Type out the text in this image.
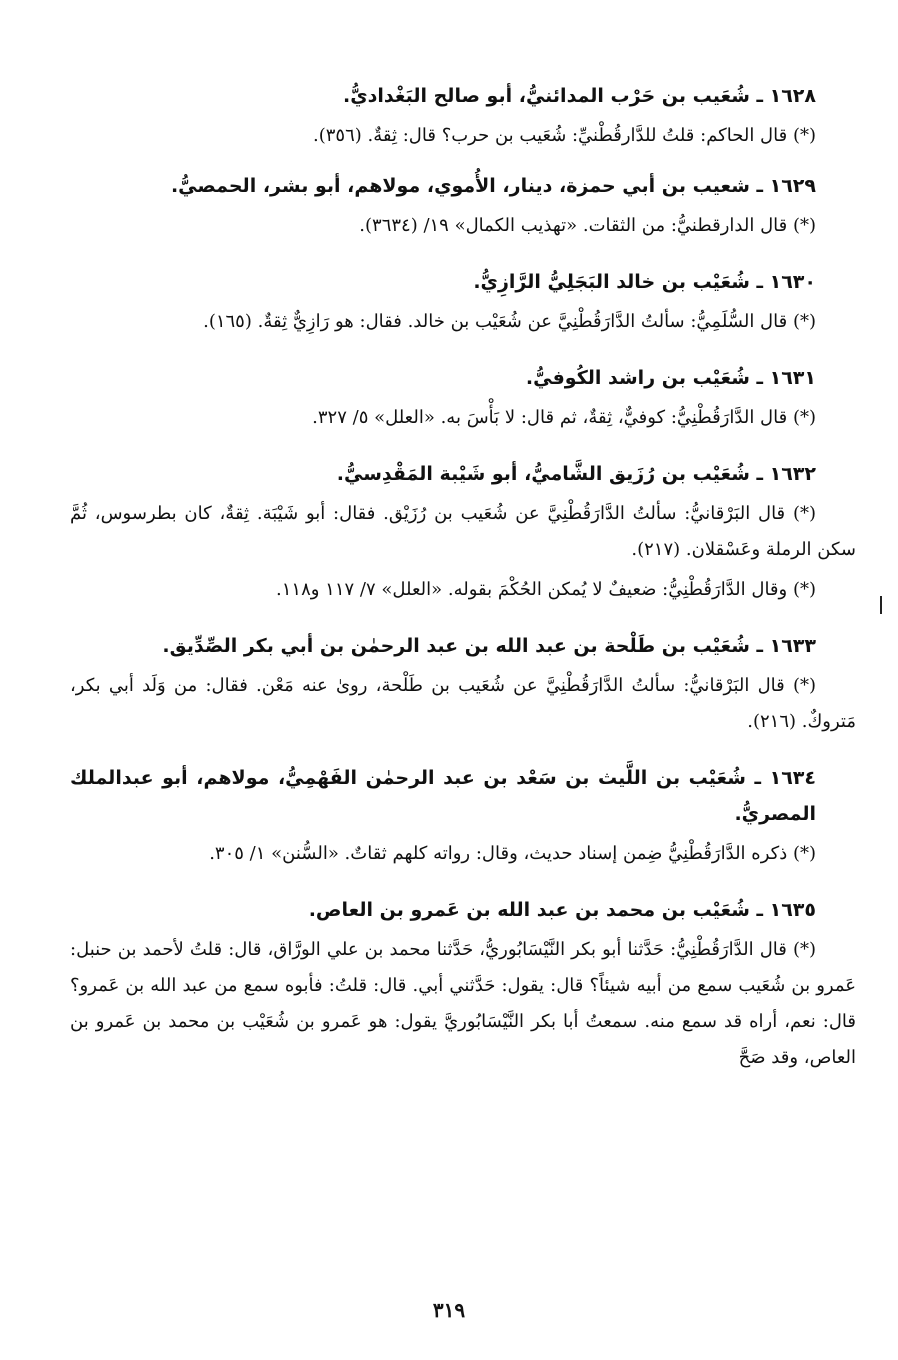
١٦٢٨ ـ شُعَيب بن حَرْب المدائنيُّ، أبو صالح البَغْداديُّ.

(*) قال الحاكم: قلتُ للدَّارقُطْنيِّ: شُعَيب بن حرب؟ قال: ثِقةٌ. (٣٥٦).

١٦٢٩ ـ شعيب بن أبي حمزة، دينار، الأُموي، مولاهم، أبو بشر، الحمصيُّ.

(*) قال الدارقطنيُّ: من الثقات. «تهذيب الكمال» ١٩/ (٣٦٣٤).

١٦٣٠ ـ شُعَيْب بن خالد البَجَلِيُّ الرَّازِيُّ.

(*) قال السُّلَمِيُّ: سألتُ الدَّارَقُطْنِيَّ عن شُعَيْب بن خالد. فقال: هو رَازِيٌّ ثِقةٌ. (١٦٥).

١٦٣١ ـ شُعَيْب بن راشد الكُوفيُّ.

(*) قال الدَّارَقُطْنِيُّ: كوفيٌّ، ثِقةٌ، ثم قال: لا بَأْسَ به. «العلل» ٥/ ٣٢٧.

١٦٣٢ ـ شُعَيْب بن رُزَيق الشَّاميُّ، أبو شَيْبة المَقْدِسيُّ.

(*) قال البَرْقانيُّ: سألتُ الدَّارَقُطْنِيَّ عن شُعَيب بن رُزَيْق. فقال: أبو شَيْبَة. ثِقةٌ، كان بطرسوس، ثُمَّ سكن الرملة وعَسْقلان. (٢١٧).

(*) وقال الدَّارَقُطْنِيُّ: ضعيفٌ لا يُمكن الحُكْمَ بقوله. «العلل» ٧/ ١١٧ و١١٨.

١٦٣٣ ـ شُعَيْب بن طَلْحة بن عبد الله بن عبد الرحمٰن بن أبي بكر الصِّدِّيق.

(*) قال البَرْقانيُّ: سألتُ الدَّارَقُطْنِيَّ عن شُعَيب بن طَلْحة، روىٰ عنه مَعْن. فقال: من وَلَد أبي بكر، مَتروكٌ. (٢١٦).

١٦٣٤ ـ شُعَيْب بن اللَّيث بن سَعْد بن عبد الرحمٰن الفَهْمِيُّ، مولاهم، أبو عبدالملك المصريُّ.

(*) ذكره الدَّارَقُطْنِيُّ ضِمن إسناد حديث، وقال: رواته كلهم ثقاتٌ. «السُّنن» ١/ ٣٠٥.

١٦٣٥ ـ شُعَيْب بن محمد بن عبد الله بن عَمرو بن العاص.

(*) قال الدَّارَقُطْنِيُّ: حَدَّثنا أبو بكر النَّيْسَابُوريُّ، حَدَّثنا محمد بن علي الورَّاق، قال: قلتُ لأحمد بن حنبل: عَمرو بن شُعَيب سمع من أبيه شيئاً؟ قال: يقول: حَدَّثني أبي. قال: قلتُ: فأبوه سمع من عبد الله بن عَمرو؟ قال: نعم، أراه قد سمع منه. سمعتُ أبا بكر النَّيْسَابُوريَّ يقول: هو عَمرو بن شُعَيْب بن محمد بن عَمرو بن العاص، وقد صَحَّ

٣١٩
